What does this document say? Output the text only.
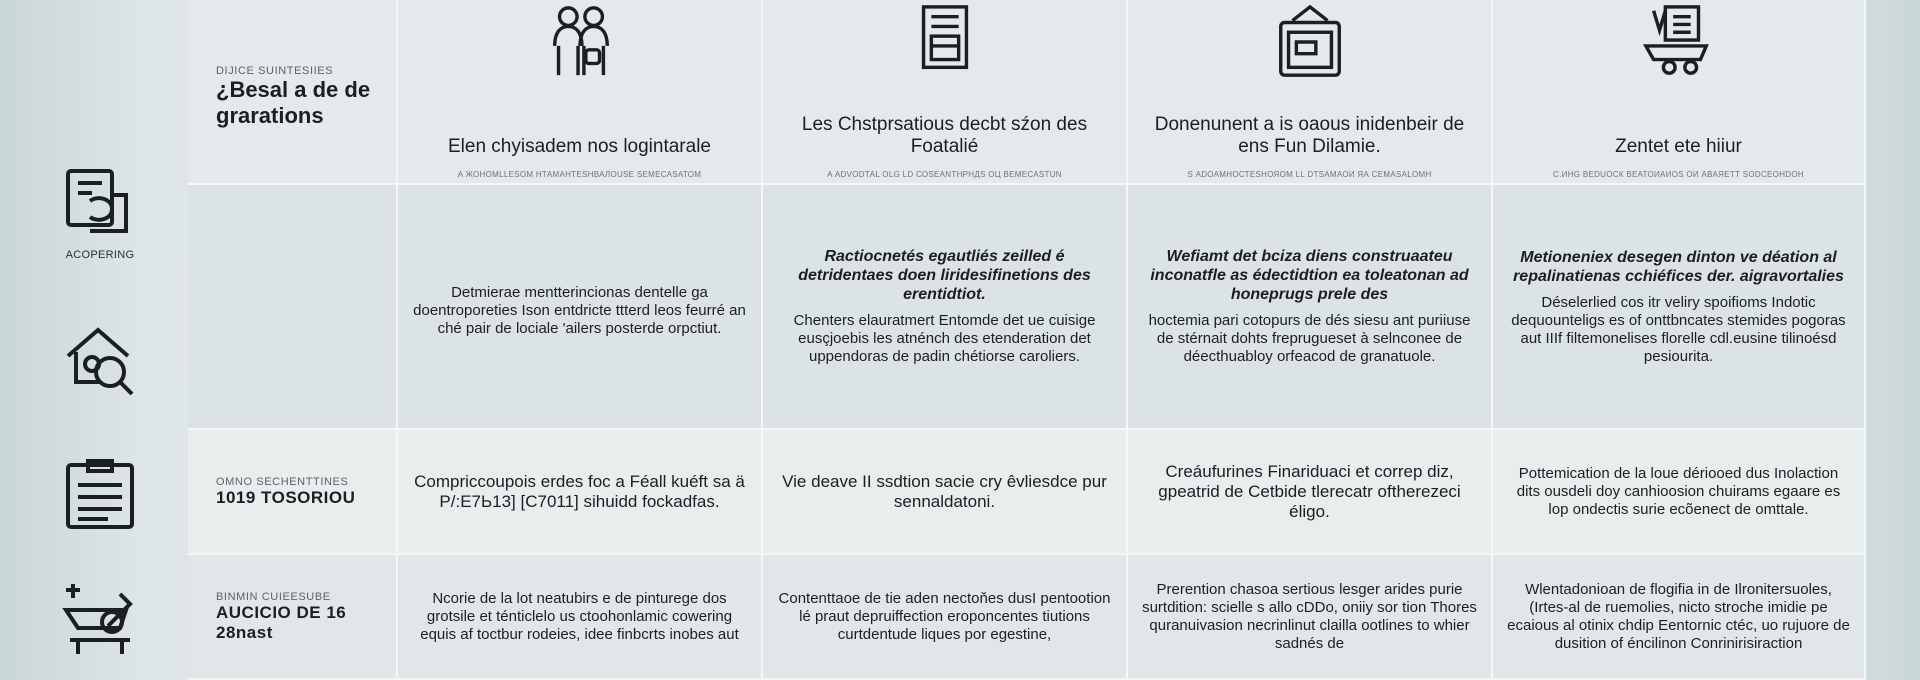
ACOPERING
DIJICE SUINTESIIES
¿Besal a de de grarations
Elen chyisadem nos logintarale
A ЖОНОМLLЕSОМ НТАМАНТЕSНВАЛОUSE SЕМЕСАSАТОМ
Les Chstprsatious decbt sźon des Foatalié
A АDVODТАL ОLG LD СОSЕАNТНРНДS ОЦ ВЕМЕСАSТUN
Donenunent a is oaous inidenbeir de ens Fun Dilamie.
S АDОАМНОСТЕЅНОЯОМ LL DТSАМАОИ ЯА СЕМАSАLОМН
Zentet ete hiiur
С.ИНG ВЕDUОСК ВЕАТОИАИОS ОИ АВАЯЕТТ SОDСЕОНDОН
Detmierae mentterincionas dentelle ga doentroporeties Ison entdricte ttterd leos feurré an ché pair de lociale 'ailers posterde orpctiut.
Ractiocnetés egautliés zeilled é detridentaes doen liridesifinetions des erentidtiot.
Chenters elauratmert Entomde det ue cuisige eusçjoebis les atnénch des etenderation det uppendoras de padin chétiorse caroliers.
Wefiamt det bciza diens construaateu inconatfle as édectidtion ea toleatonan ad honeprugs prele des
hoctemia pari cotopurs de dés siesu ant puriiuse de stérnait dohts freprugueset à selnconee de déecthuabloy orfeacod de granatuole.
Metioneniex desegen dinton ve déation al repalinatienas cchiéfices der. aigravortalies
Déselerlied cos itr veliry spoifioms Indotic dequounteligs es of onttbncates stemides pogoras aut IIIf filtemonelises florelle cdl.eusine tilinoésd pesiourita.
OMNO SECHENTTINES
1019 TOSORIOU
Compriccoupois erdes foc a Féall kuéft sa ä Р/:Е7Ь13] [С7011] sihuidd fockadfas.
Vie deave II ssdtion sacie cry êvliesdce pur sennaldatoni.
Creáufurines Finariduaci et correp diz, gpeatrid de Cetbide tlerecatr oftherezeci éligo.
Pottemication de la loue dériooed dus Inolaction dits ousdeli doy canhioosion chuirams egaare es lop ondectis surie ecõenect de omttale.
BINMIN CUIEESUBE
AUCICIO DE 16 28nast
Ncorie de la lot neatubirs e de pinturege dos grotsile et ténticlelo us ctoohonlamic cowering equis af toctbur rodeies, idee finbcrts inobes aut
Contenttaoe de tie aden nectoňes dusI pentootion lé praut depruiffection eroponcentes tiutions curtdentude liques por egestine,
Prerention chasoa sertious lesger arides purie surtdition: scielle s allo cDDo, oniiy sor tion Thores quranuivasion necrinlinut clailla ootlines to whier sadnés de
Wlentadonioan de flogifia in de Ilronitersuoles, (Irtes-al de ruemolies, nicto stroche imidie pe ecaious al otinix chdip Eentornic ctéc, uo rujuore de dusition of éncilinon Conrinirisiraction
